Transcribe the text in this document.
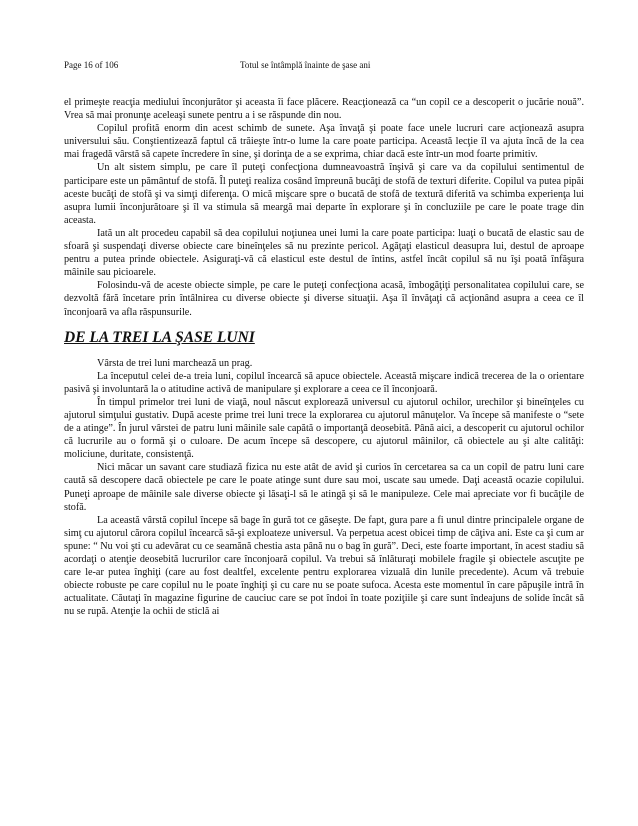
Page 16 of 106	Totul se întâmplă înainte de şase ani

el primeşte reacţia mediului înconjurător şi aceasta îi face plăcere. Reacţionează ca “un copil ce a descoperit o jucărie nouă”. Vrea să mai pronunţe aceleaşi sunete pentru a i se răspunde din nou.

Copilul profită enorm din acest schimb de sunete. Aşa învaţă şi poate face unele lucruri care acţionează asupra universului său. Conştientizează faptul că trăieşte într-o lume la care poate participa. Această lecţie îl va ajuta încă de la cea mai fragedă vârstă să capete încredere în sine, şi dorinţa de a se exprima, chiar dacă este într-un mod foarte primitiv.

Un alt sistem simplu, pe care îl puteţi confecţiona dumneavoastră înşivă şi care va da copilului sentimentul de participare este un pământuf de stofă. Îl puteţi realiza cosând împreună bucăţi de stofă de texturi diferite. Copilul va putea pipăi aceste bucăţi de stofă şi va simţi diferenţa. O mică mişcare spre o bucată de stofă de textură diferită va schimba experienţa lui asupra lumii înconjurătoare şi îl va stimula să meargă mai departe în explorare şi în concluziile pe care le poate trage din aceasta.

Iată un alt procedeu capabil să dea copilului noţiunea unei lumi la care poate participa: luaţi o bucată de elastic sau de sfoară şi suspendaţi diverse obiecte care bineînţeles să nu prezinte pericol. Agăţaţi elasticul deasupra lui, destul de aproape pentru a putea prinde obiectele. Asiguraţi-vă că elasticul este destul de întins, astfel încât copilul să nu îşi poată înfăşura mâinile sau picioarele.

Folosindu-vă de aceste obiecte simple, pe care le puteţi confecţiona acasă, îmbogăţiţi personalitatea copilului care, se dezvoltă fără încetare prin întâlnirea cu diverse obiecte şi diverse situaţii. Aşa îl învăţaţi că acţionând asupra a ceea ce îl înconjoară va afla răspunsurile.

DE LA TREI LA ŞASE LUNI

Vârsta de trei luni marchează un prag.

La începutul celei de-a treia luni, copilul încearcă să apuce obiectele. Această mişcare indică trecerea de la o orientare pasivă şi involuntară la o atitudine activă de manipulare şi explorare a ceea ce îl înconjoară.

În timpul primelor trei luni de viaţă, noul născut explorează universul cu ajutorul ochilor, urechilor şi bineînţeles cu ajutorul simţului gustativ. După aceste prime trei luni trece la explorarea cu ajutorul mânuţelor. Va începe să manifeste o “sete de a atinge”. În jurul vârstei de patru luni mâinile sale capătă o importanţă deosebită. Până aici, a descoperit cu ajutorul ochilor că lucrurile au o formă şi o culoare. De acum începe să descopere, cu ajutorul mâinilor, că obiectele au şi alte calităţi: moliciune, duritate, consistenţă.

Nici măcar un savant care studiază fizica nu este atât de avid şi curios în cercetarea sa ca un copil de patru luni care caută să descopere dacă obiectele pe care le poate atinge sunt dure sau moi, uscate sau umede. Daţi această ocazie copilului. Puneţi aproape de mâinile sale diverse obiecte şi lăsaţi-l să le atingă şi să le manipuleze. Cele mai apreciate vor fi bucăţile de stofă.

La această vârstă copilul începe să bage în gură tot ce găseşte. De fapt, gura pare a fi unul dintre principalele organe de simţ cu ajutorul cărora copilul încearcă să-şi exploateze universul. Va perpetua acest obicei timp de câţiva ani. Este ca şi cum ar spune: “ Nu voi şti cu adevărat cu ce seamănă chestia asta până nu o bag în gură”. Deci, este foarte important, în acest stadiu să acordaţi o atenţie deosebită lucrurilor care înconjoară copilul. Va trebui să înlăturaţi mobilele fragile şi obiectele ascuţite pe care le-ar putea înghiţi (care au fost dealtfel, excelente pentru explorarea vizuală din lunile precedente). Acum vă trebuie obiecte robuste pe care copilul nu le poate înghiţi şi cu care nu se poate sufoca. Acesta este momentul în care păpuşile intră în actualitate. Căutaţi în magazine figurine de cauciuc care se pot îndoi în toate poziţiile şi care sunt îndeajuns de solide încât să nu se rupă. Atenţie la ochii de sticlă ai
